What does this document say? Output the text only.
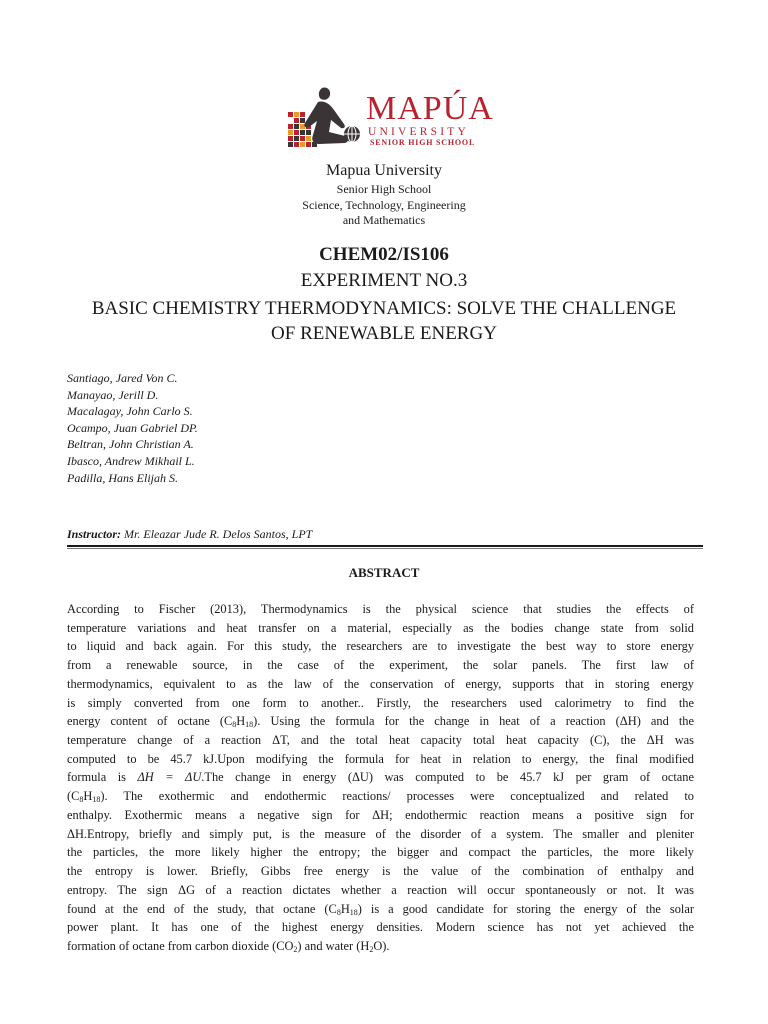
MAPÚA
UNIVERSITY
SENIOR HIGH SCHOOL
Mapua University
Senior High School
Science, Technology, Engineering
and Mathematics
CHEM02/IS106
EXPERIMENT NO.3
BASIC CHEMISTRY THERMODYNAMICS: SOLVE THE CHALLENGE
OF RENEWABLE ENERGY
Santiago, Jared Von C.
Manayao, Jerill D.
Macalagay, John Carlo S.
Ocampo, Juan Gabriel DP.
Beltran, John Christian A.
Ibasco, Andrew Mikhail L.
Padilla, Hans Elijah S.
Instructor: Mr. Eleazar Jude R. Delos Santos, LPT
ABSTRACT
According to Fischer (2013), Thermodynamics is the physical science that studies the effects of
temperature variations and heat transfer on a material, especially as the bodies change state from solid
to liquid and back again. For this study, the researchers are to investigate the best way to store energy
from a renewable source, in the case of the experiment, the solar panels. The first law of
thermodynamics, equivalent to as the law of the conservation of energy, supports that in storing energy
is simply converted from one form to another.. Firstly, the researchers used calorimetry to find the
energy content of octane $(C_8H_{18})$. Using the formula for the change in heat of a reaction (ΔH) and the
temperature change of a reaction ΔT, and the total heat capacity total heat capacity (C), the ΔH was
computed to be 45.7 kJ.Upon modifying the formula for heat in relation to energy, the final modified
formula is ΔH = ΔU.The change in energy (ΔU) was computed to be 45.7 kJ per gram of octane
$(C_8H_{18})$. The exothermic and endothermic reactions/ processes were conceptualized and related to
enthalpy. Exothermic means a negative sign for ΔH; endothermic reaction means a positive sign for
ΔH.Entropy, briefly and simply put, is the measure of the disorder of a system. The smaller and pleniter
the particles, the more likely higher the entropy; the bigger and compact the particles, the more likely
the entropy is lower. Briefly, Gibbs free energy is the value of the combination of enthalpy and
entropy. The sign ΔG of a reaction dictates whether a reaction will occur spontaneously or not. It was
found at the end of the study, that octane $(C_8H_{18})$ is a good candidate for storing the energy of the solar
power plant. It has one of the highest energy densities. Modern science has not yet achieved the
formation of octane from carbon dioxide $(CO_2)$ and water $(H_2O)$.
